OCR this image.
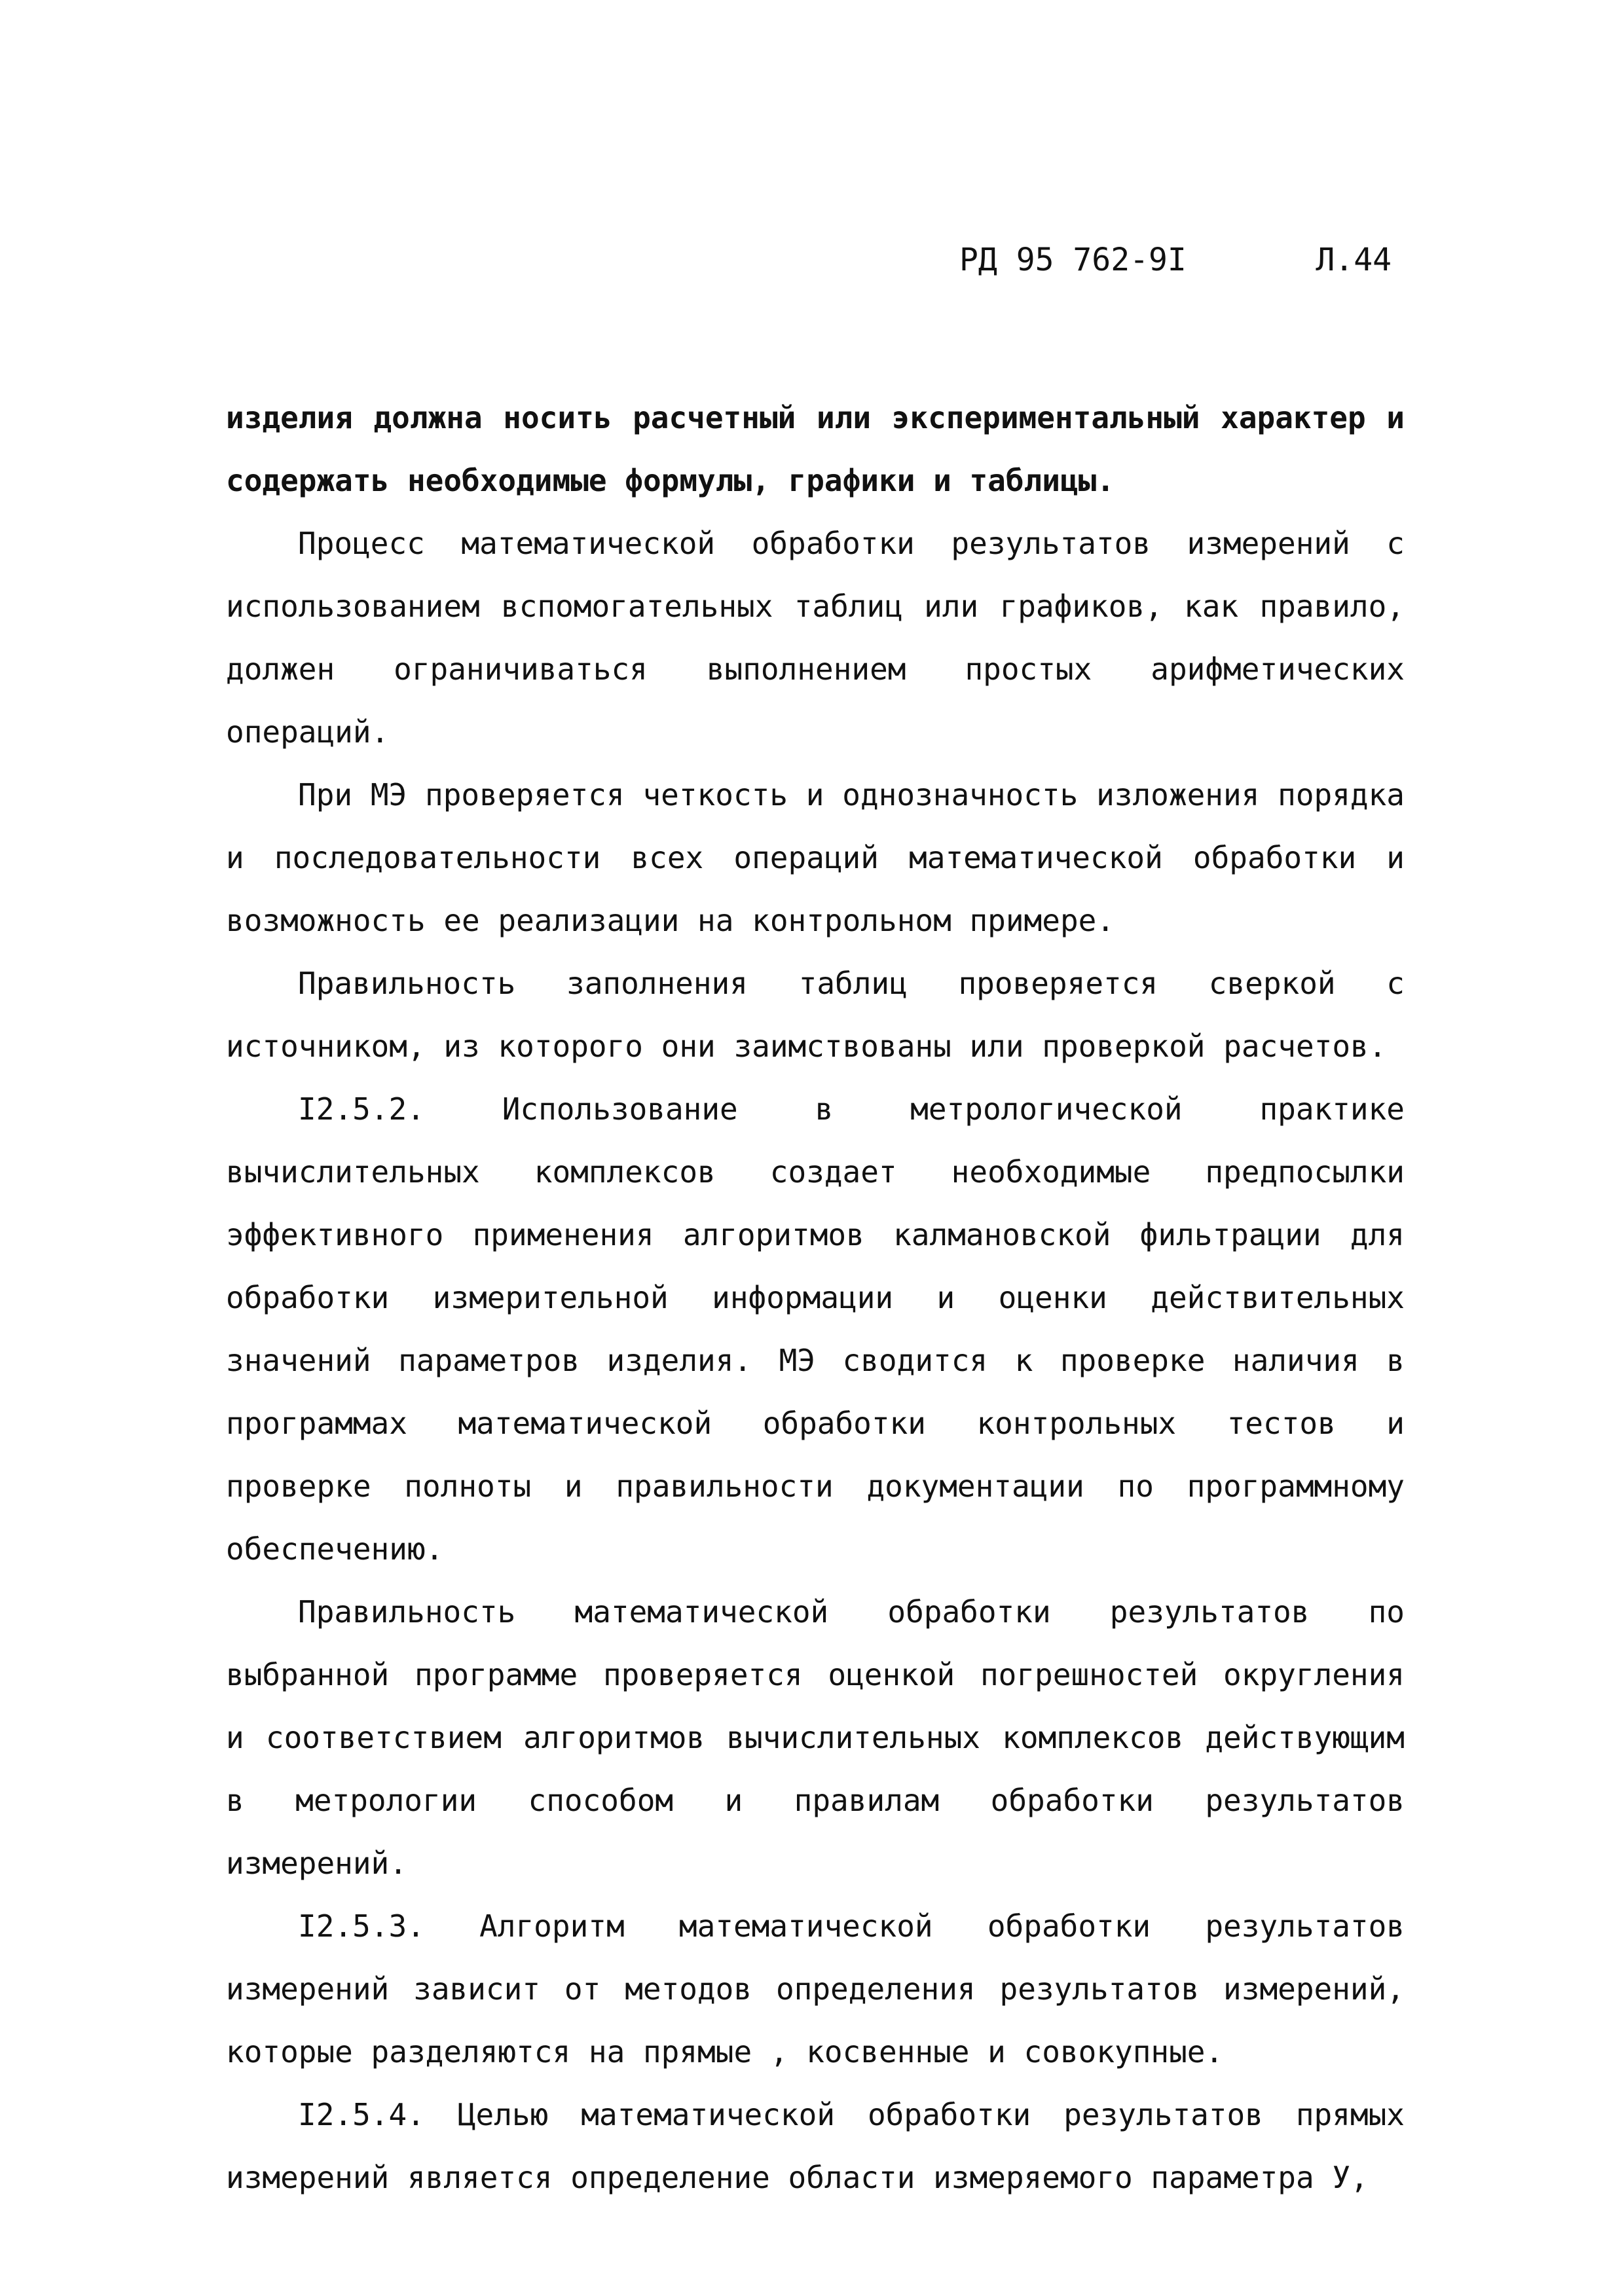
РД 95 762-9I	Л.44

изделия должна носить расчетный или экспериментальный характер и содержать необходимые формулы, графики и таблицы.

Процесс математической обработки результатов измерений с использованием вспомогательных таблиц или графиков, как правило, должен ограничиваться выполнением простых арифметических операций.

При МЭ проверяется четкость и однозначность изложения порядка и последовательности всех операций математической обработки и возможность ее реализации на контрольном примере.

Правильность заполнения таблиц проверяется сверкой с источником, из которого они заимствованы или проверкой расчетов.

I2.5.2. Использование в метрологической практике вычислительных комплексов создает необходимые предпосылки эффективного применения алгоритмов калмановской фильтрации для обработки измерительной информации и оценки действительных значений параметров изделия. МЭ сводится к проверке наличия в программах математической обработки контрольных тестов и проверке полноты и правильности документации по программному обеспечению.

Правильность математической обработки результатов по выбранной программе проверяется оценкой погрешностей округления и соответствием алгоритмов вычислительных комплексов действующим в метрологии способом и правилам обработки результатов измерений.

I2.5.3. Алгоритм математической обработки результатов измерений зависит от методов определения результатов измерений, которые разделяются на прямые , косвенные и совокупные.

I2.5.4. Целью математической обработки результатов прямых измерений является определение области измеряемого параметра У,
